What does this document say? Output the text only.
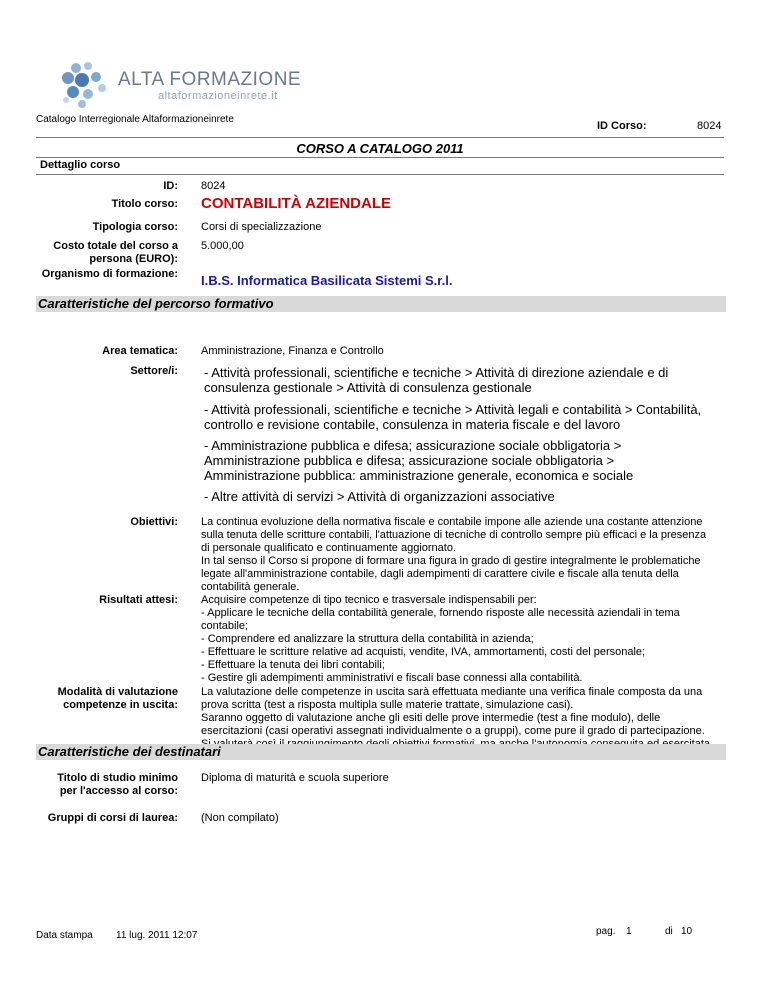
ALTA FORMAZIONE
altaformazioneinrete.it
Catalogo Interregionale Altaformazioneinrete
ID Corso:	8024
CORSO A CATALOGO 2011
Dettaglio corso
ID: 8024
Titolo corso: CONTABILITÀ AZIENDALE
Tipologia corso: Corsi di specializzazione
Costo totale del corso a persona (EURO):
5.000,00
Organismo di formazione: I.B.S. Informatica Basilicata Sistemi S.r.l.
Caratteristiche del percorso formativo
Area tematica: Amministrazione, Finanza e Controllo
Settore/i: - Attività professionali, scientifiche e tecniche > Attività di direzione aziendale e di consulenza gestionale > Attività di consulenza gestionale
- Attività professionali, scientifiche e tecniche > Attività legali e contabilità > Contabilità, controllo e revisione contabile, consulenza in materia fiscale e del lavoro
- Amministrazione pubblica e difesa; assicurazione sociale obbligatoria > Amministrazione pubblica e difesa; assicurazione sociale obbligatoria > Amministrazione pubblica: amministrazione generale, economica e sociale
- Altre attività di servizi > Attività di organizzazioni associative
Obiettivi: La continua evoluzione della normativa fiscale e contabile impone alle aziende una costante attenzione sulla tenuta delle scritture contabili, l'attuazione di tecniche di controllo sempre più efficaci e la presenza di personale qualificato e continuamente aggiornato.
In tal senso il Corso si propone di formare una figura in grado di gestire integralmente le problematiche legate all'amministrazione contabile, dagli adempimenti di carattere civile e fiscale alla tenuta della contabilità generale.
Risultati attesi: Acquisire competenze di tipo tecnico e trasversale indispensabili per:
- Applicare le tecniche della contabilità generale, fornendo risposte alle necessità aziendali in tema contabile;
- Comprendere ed analizzare la struttura della contabilità in azienda;
- Effettuare le scritture relative ad acquisti, vendite, IVA, ammortamenti, costi del personale;
- Effettuare la tenuta dei libri contabili;
- Gestire gli adempimenti amministrativi e fiscali base connessi alla contabilità.
Modalità di valutazione competenze in uscita:
La valutazione delle competenze in uscita sarà effettuata mediante una verifica finale composta da una prova scritta (test a risposta multipla sulle materie trattate, simulazione casi).
Saranno oggetto di valutazione anche gli esiti delle prove intermedie (test a fine modulo), delle esercitazioni (casi operativi assegnati individualmente o a gruppi), come pure il grado di partecipazione.

Caratteristiche dei destinatari
Titolo di studio minimo per l'accesso al corso:
Diploma di maturità e scuola superiore
Gruppi di corsi di laurea: (Non compilato)
Data stampa 11 lug. 2011 12:07	pag. 1	di 10
